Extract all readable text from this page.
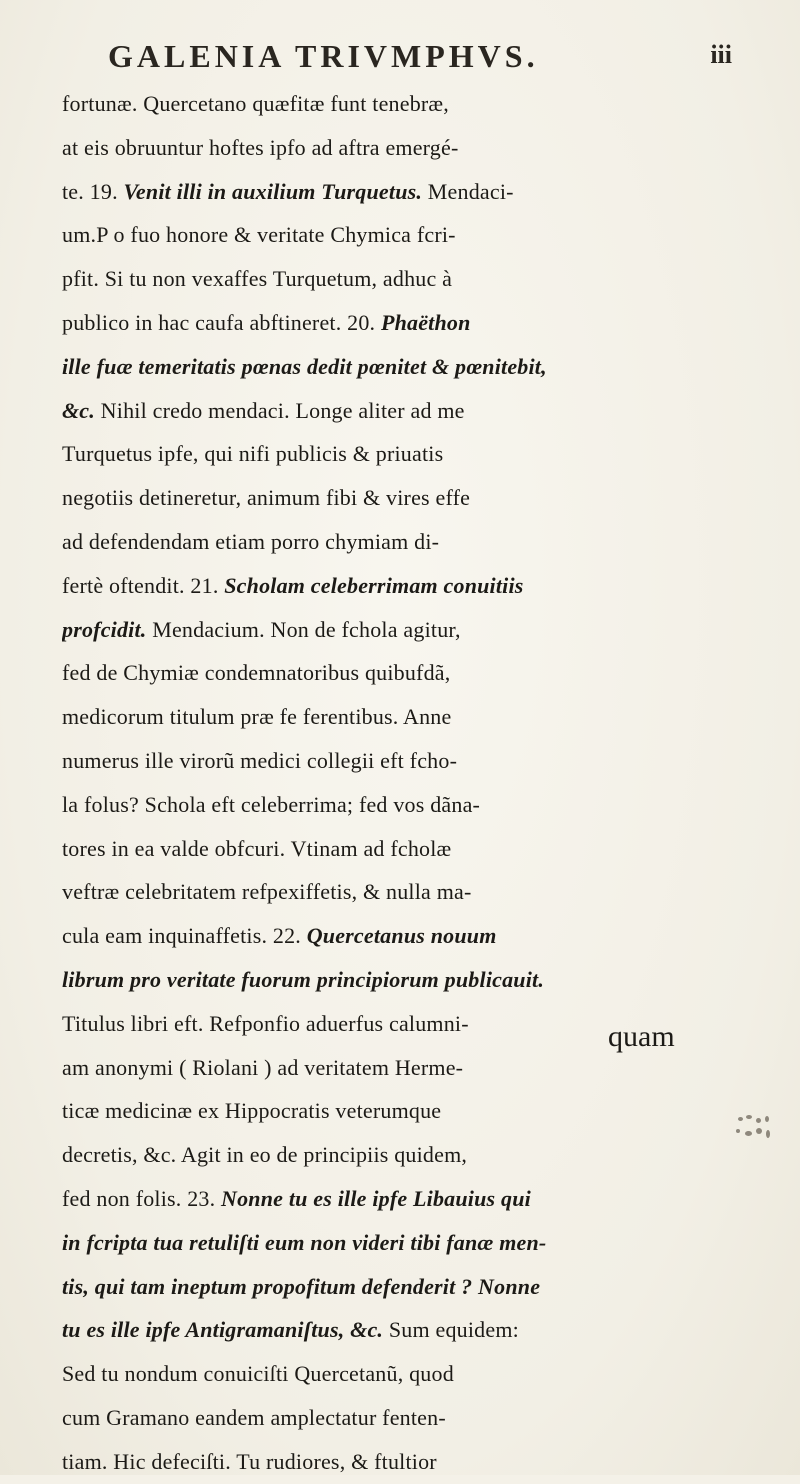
GALENIA TRIVMPHVS.	iii
fortunæ. Quercetano quæfitæ funt tenebræ,
at eis obruuntur hoftes ipfo ad aftra emergé-
te. 19. Venit illi in auxilium Turquetus. Mendaci-
um.P o fuo honore & veritate Chymica fcri-
pfit. Si tu non vexaffes Turquetum, adhuc à
publico in hac caufa abftineret. 20. Phaëthon
ille fuæ temeritatis pœnas dedit pœnitet & pœnitebit,
&c. Nihil credo mendaci. Longe aliter ad me
Turquetus ipfe, qui nifi publicis & priuatis
negotiis detineretur, animum fibi & vires effe
ad defendendam etiam porro chymiam di-
fertè oftendit. 21. Scholam celeberrimam conuitiis
profcidit. Mendacium. Non de fchola agitur,
fed de Chymiæ condemnatoribus quibufdã,
medicorum titulum præ fe ferentibus. Anne
numerus ille virorũ medici collegii eft fcho-
la folus? Schola eft celeberrima; fed vos dãna-
tores in ea valde obfcuri. Vtinam ad fcholæ
veftræ celebritatem refpexiffetis, & nulla ma-
cula eam inquinaffetis. 22. Quercetanus nouum
librum pro veritate fuorum principiorum publicauit.
Titulus libri eft. Refponfio aduerfus calumni-
am anonymi ( Riolani ) ad veritatem Herme-
ticæ medicinæ ex Hippocratis veterumque
decretis, &c. Agit in eo de principiis quidem,
fed non folis. 23. Nonne tu es ille ipfe Libauius qui
in fcripta tua retuliſti eum non videri tibi fanæ men-
tis, qui tam ineptum propofitum defenderit ? Nonne
tu es ille ipfe Antigramaniſtus, &c. Sum equidem:
Sed tu nondum conuiciſti Quercetanũ, quod
cum Gramano eandem amplectatur fenten-
tiam. Hic defeciſti. Tu rudiores, & ftultior
quam
